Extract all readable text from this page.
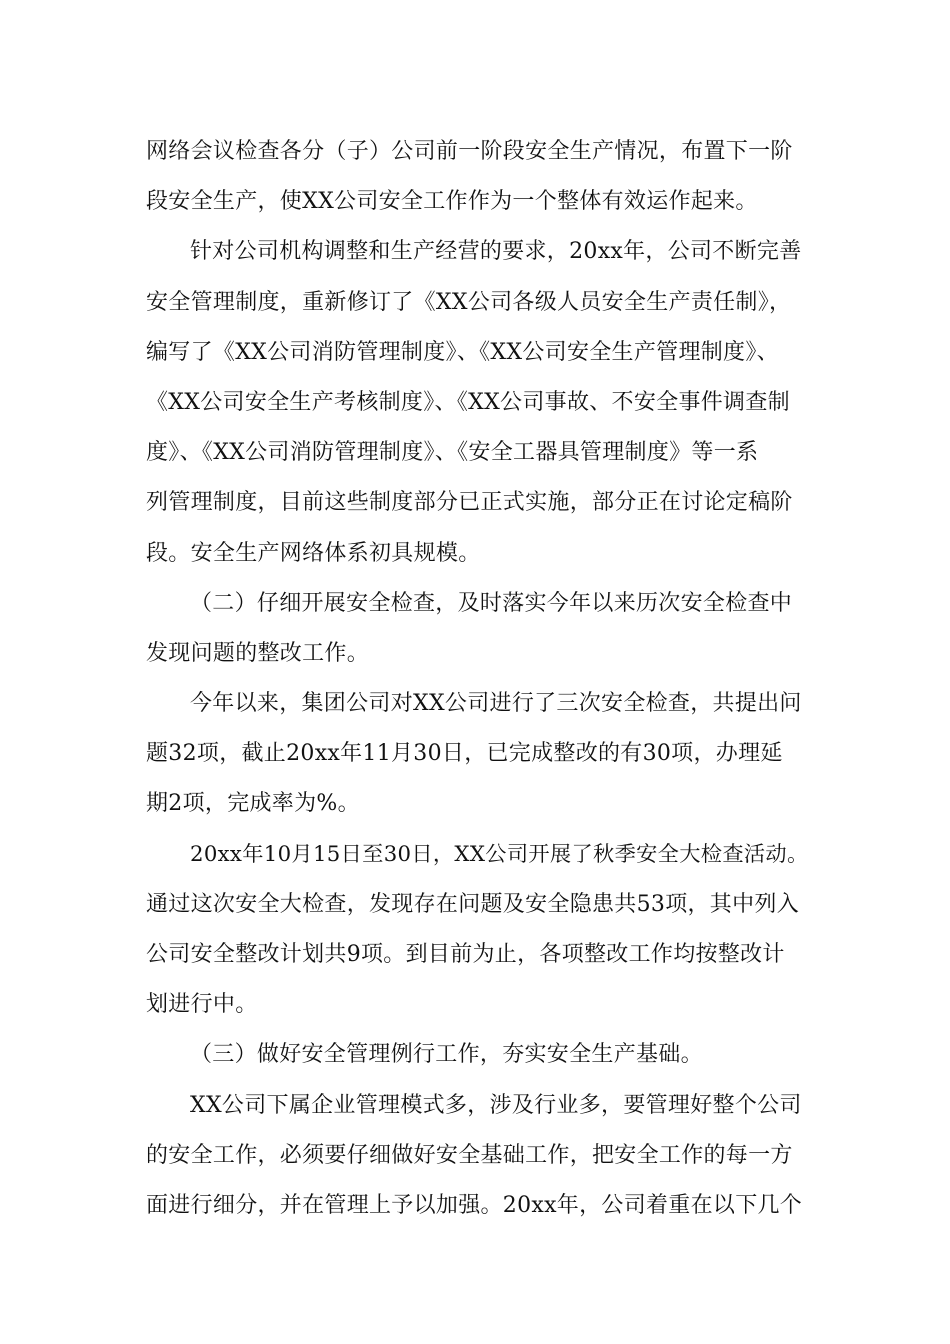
网络会议检查各分（子）公司前一阶段安全生产情况，布置下一阶
段安全生产，使XX公司安全工作作为一个整体有效运作起来。
针对公司机构调整和生产经营的要求，20xx年，公司不断完善
安全管理制度，重新修订了《XX公司各级人员安全生产责任制》，
编写了《XX公司消防管理制度》、《XX公司安全生产管理制度》、
《XX公司安全生产考核制度》、《XX公司事故、不安全事件调查制
度》、《XX公司消防管理制度》、《安全工器具管理制度》等一系
列管理制度，目前这些制度部分已正式实施，部分正在讨论定稿阶
段。安全生产网络体系初具规模。
（二）仔细开展安全检查，及时落实今年以来历次安全检查中
发现问题的整改工作。
今年以来，集团公司对XX公司进行了三次安全检查，共提出问
题32项，截止20xx年11月30日，已完成整改的有30项，办理延
期2项，完成率为%。
20xx年10月15日至30日，XX公司开展了秋季安全大检查活动。
通过这次安全大检查，发现存在问题及安全隐患共53项，其中列入
公司安全整改计划共9项。到目前为止，各项整改工作均按整改计
划进行中。
（三）做好安全管理例行工作，夯实安全生产基础。
XX公司下属企业管理模式多，涉及行业多，要管理好整个公司
的安全工作，必须要仔细做好安全基础工作，把安全工作的每一方
面进行细分，并在管理上予以加强。20xx年，公司着重在以下几个
